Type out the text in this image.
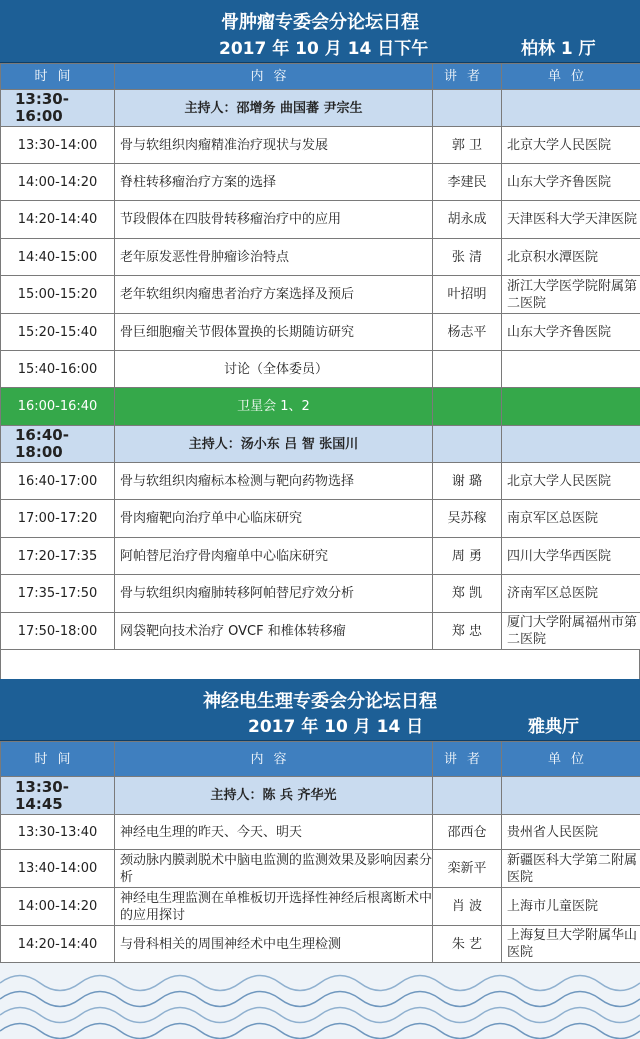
骨肿瘤专委会分论坛日程
2017 年 10 月 14 日下午	柏林 1 厅
时间	内容	讲者	单位
13:30-16:00	主持人：邵增务 曲国蕃 尹宗生		
13:30-14:00	骨与软组织肉瘤精准治疗现状与发展	郭 卫	北京大学人民医院
14:00-14:20	脊柱转移瘤治疗方案的选择	李建民	山东大学齐鲁医院
14:20-14:40	节段假体在四肢骨转移瘤治疗中的应用	胡永成	天津医科大学天津医院
14:40-15:00	老年原发恶性骨肿瘤诊治特点	张 清	北京积水潭医院
15:00-15:20	老年软组织肉瘤患者治疗方案选择及预后	叶招明	浙江大学医学院附属第二医院
15:20-15:40	骨巨细胞瘤关节假体置换的长期随访研究	杨志平	山东大学齐鲁医院
15:40-16:00	讨论（全体委员）		
16:00-16:40	卫星会 1、2		
16:40-18:00	主持人：汤小东 吕 智 张国川		
16:40-17:00	骨与软组织肉瘤标本检测与靶向药物选择	谢 璐	北京大学人民医院
17:00-17:20	骨肉瘤靶向治疗单中心临床研究	吴苏稼	南京军区总医院
17:20-17:35	阿帕替尼治疗骨肉瘤单中心临床研究	周 勇	四川大学华西医院
17:35-17:50	骨与软组织肉瘤肺转移阿帕替尼疗效分析	郑 凯	济南军区总医院
17:50-18:00	网袋靶向技术治疗 OVCF 和椎体转移瘤	郑 忠	厦门大学附属福州市第二医院
神经电生理专委会分论坛日程
2017 年 10 月 14 日	雅典厅
时间	内容	讲者	单位
13:30-14:45	主持人：陈 兵 齐华光		
13:30-13:40	神经电生理的昨天、今天、明天	邵西仓	贵州省人民医院
13:40-14:00	颈动脉内膜剥脱术中脑电监测的监测效果及影响因素分析	栾新平	新疆医科大学第二附属医院
14:00-14:20	神经电生理监测在单椎板切开选择性神经后根离断术中的应用探讨	肖 波	上海市儿童医院
14:20-14:40	与骨科相关的周围神经术中电生理检测	朱 艺	上海复旦大学附属华山医院
